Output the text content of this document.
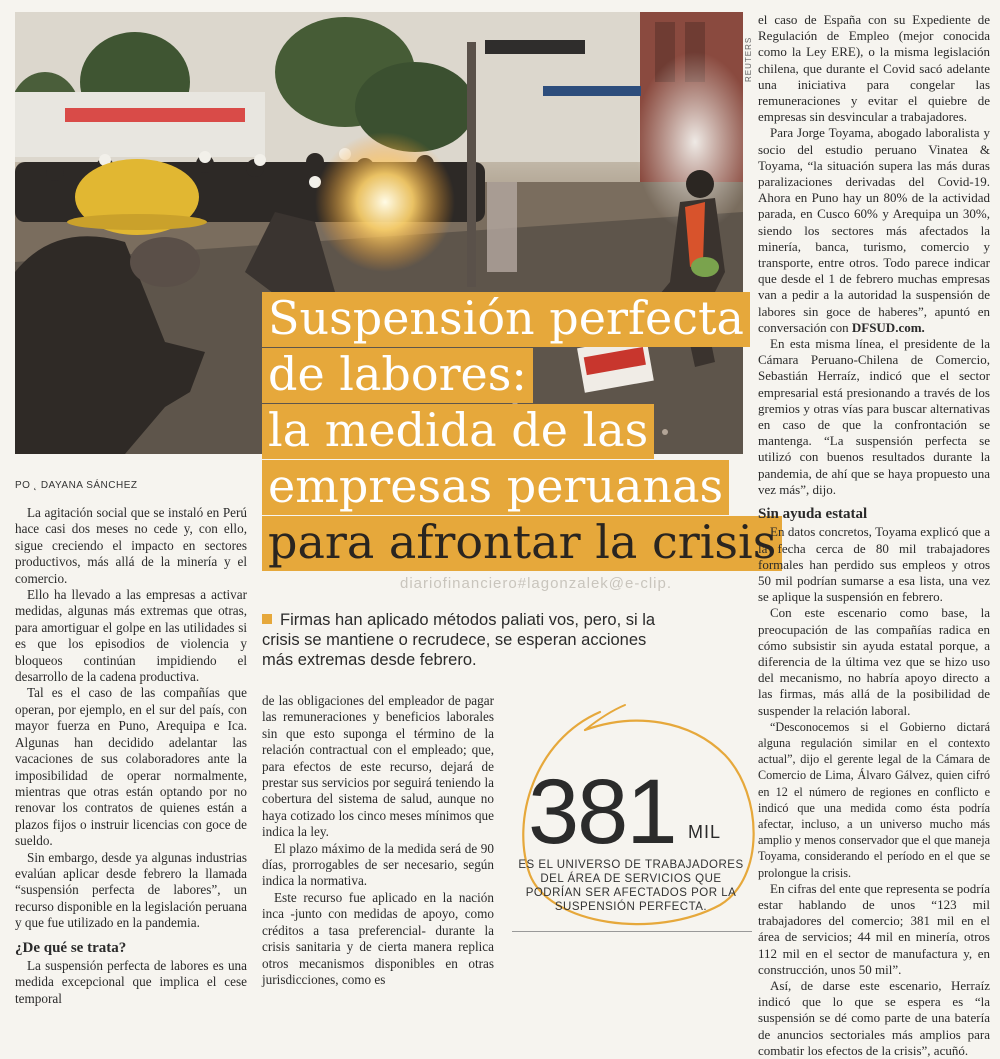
REUTERS
Suspensión perfecta
de labores:
la medida de las
empresas peruanas
para afrontar la crisis
PO ˛ DAYANA SÁNCHEZ
diariofinanciero#lagonzalek@e-clip.

La agitación social que se instaló en Perú hace casi dos meses no cede y, con ello, sigue creciendo el impacto en sectores productivos, más allá de la minería y el comercio.

Ello ha llevado a las empresas a activar medidas, algunas más extremas que otras, para amortiguar el golpe en las utilidades si es que los episodios de violencia y bloqueos continúan impidiendo el desarrollo de la cadena productiva.

Tal es el caso de las compañías que operan, por ejemplo, en el sur del país, con mayor fuerza en Puno, Arequipa e Ica. Algunas han decidido adelantar las vacaciones de sus colaboradores ante la imposibilidad de operar normalmente, mientras que otras están optando por no renovar los contratos de quienes están a plazos fijos o instruir licencias con goce de sueldo.

Sin embargo, desde ya algunas industrias evalúan aplicar desde febrero la llamada “suspensión perfecta de labores”, un recurso disponible en la legislación peruana y que fue utilizado en la pandemia.

¿De qué se trata?

La suspensión perfecta de labores es una medida excepcional que implica el cese temporal

Firmas han aplicado métodos paliati vos, pero, si la crisis se mantiene o recrudece, se esperan acciones más extremas desde febrero.

de las obligaciones del empleador de pagar las remuneraciones y beneficios laborales sin que esto suponga el término de la relación contractual con el empleado; que, para efectos de este recurso, dejará de prestar sus servicios por seguirá teniendo la cobertura del sistema de salud, aunque no haya cotizado los cinco meses mínimos que indica la ley.

El plazo máximo de la medida será de 90 días, prorrogables de ser necesario, según indica la normativa.

Este recurso fue aplicado en la nación inca -junto con medidas de apoyo, como créditos a tasa preferencial- durante la crisis sanitaria y de cierta manera replica otros mecanismos disponibles en otras jurisdicciones, como es

381 MIL
ES EL UNIVERSO DE TRABAJADORES DEL ÁREA DE SERVICIOS QUE PODRÍAN SER AFECTADOS POR LA SUSPENSIÓN PERFECTA.

el caso de España con su Expediente de Regulación de Empleo (mejor conocida como la Ley ERE), o la misma legislación chilena, que durante el Covid sacó adelante una iniciativa para congelar las remuneraciones y evitar el quiebre de empresas sin desvincular a trabajadores.

Para Jorge Toyama, abogado laboralista y socio del estudio peruano Vinatea & Toyama, “la situación supera las más duras paralizaciones derivadas del Covid-19. Ahora en Puno hay un 80% de la actividad parada, en Cusco 60% y Arequipa un 30%, siendo los sectores más afectados la minería, banca, turismo, comercio y transporte, entre otros. Todo parece indicar que desde el 1 de febrero muchas empresas van a pedir a la autoridad la suspensión de labores sin goce de haberes”, apuntó en conversación con DFSUD.com.

En esta misma línea, el presidente de la Cámara Peruano-Chilena de Comercio, Sebastián Herraíz, indicó que el sector empresarial está presionando a través de los gremios y otras vías para buscar alternativas en caso de que la confrontación se mantenga. “La suspensión perfecta se utilizó con buenos resultados durante la pandemia, de ahí que se haya propuesto una vez más”, dijo.

Sin ayuda estatal

En datos concretos, Toyama explicó que a la fecha cerca de 80 mil trabajadores formales han perdido sus empleos y otros 50 mil podrían sumarse a esa lista, una vez se aplique la suspensión en febrero.

Con este escenario como base, la preocupación de las compañías radica en cómo subsistir sin ayuda estatal porque, a diferencia de la última vez que se hizo uso del mecanismo, no habría apoyo directo a las firmas, más allá de la posibilidad de suspender la relación laboral.

“Desconocemos si el Gobierno dictará alguna regulación similar en el contexto actual”, dijo el gerente legal de la Cámara de Comercio de Lima, Álvaro Gálvez, quien cifró en 12 el número de regiones en conflicto e indicó que una medida como ésta podría afectar, incluso, a un universo mucho más amplio y menos conservador que el que maneja Toyama, considerando el período en el que se prolongue la crisis.

En cifras del ente que representa se podría estar hablando de unos “123 mil trabajadores del comercio; 381 mil en el área de servicios; 44 mil en minería, otros 112 mil en el sector de manufactura y, en construcción, unos 50 mil”.

Así, de darse este escenario, Herraíz indicó que lo que se espera es “la suspensión se dé como parte de una batería de anuncios sectoriales más amplios para combatir los efectos de la crisis”, acuñó.
